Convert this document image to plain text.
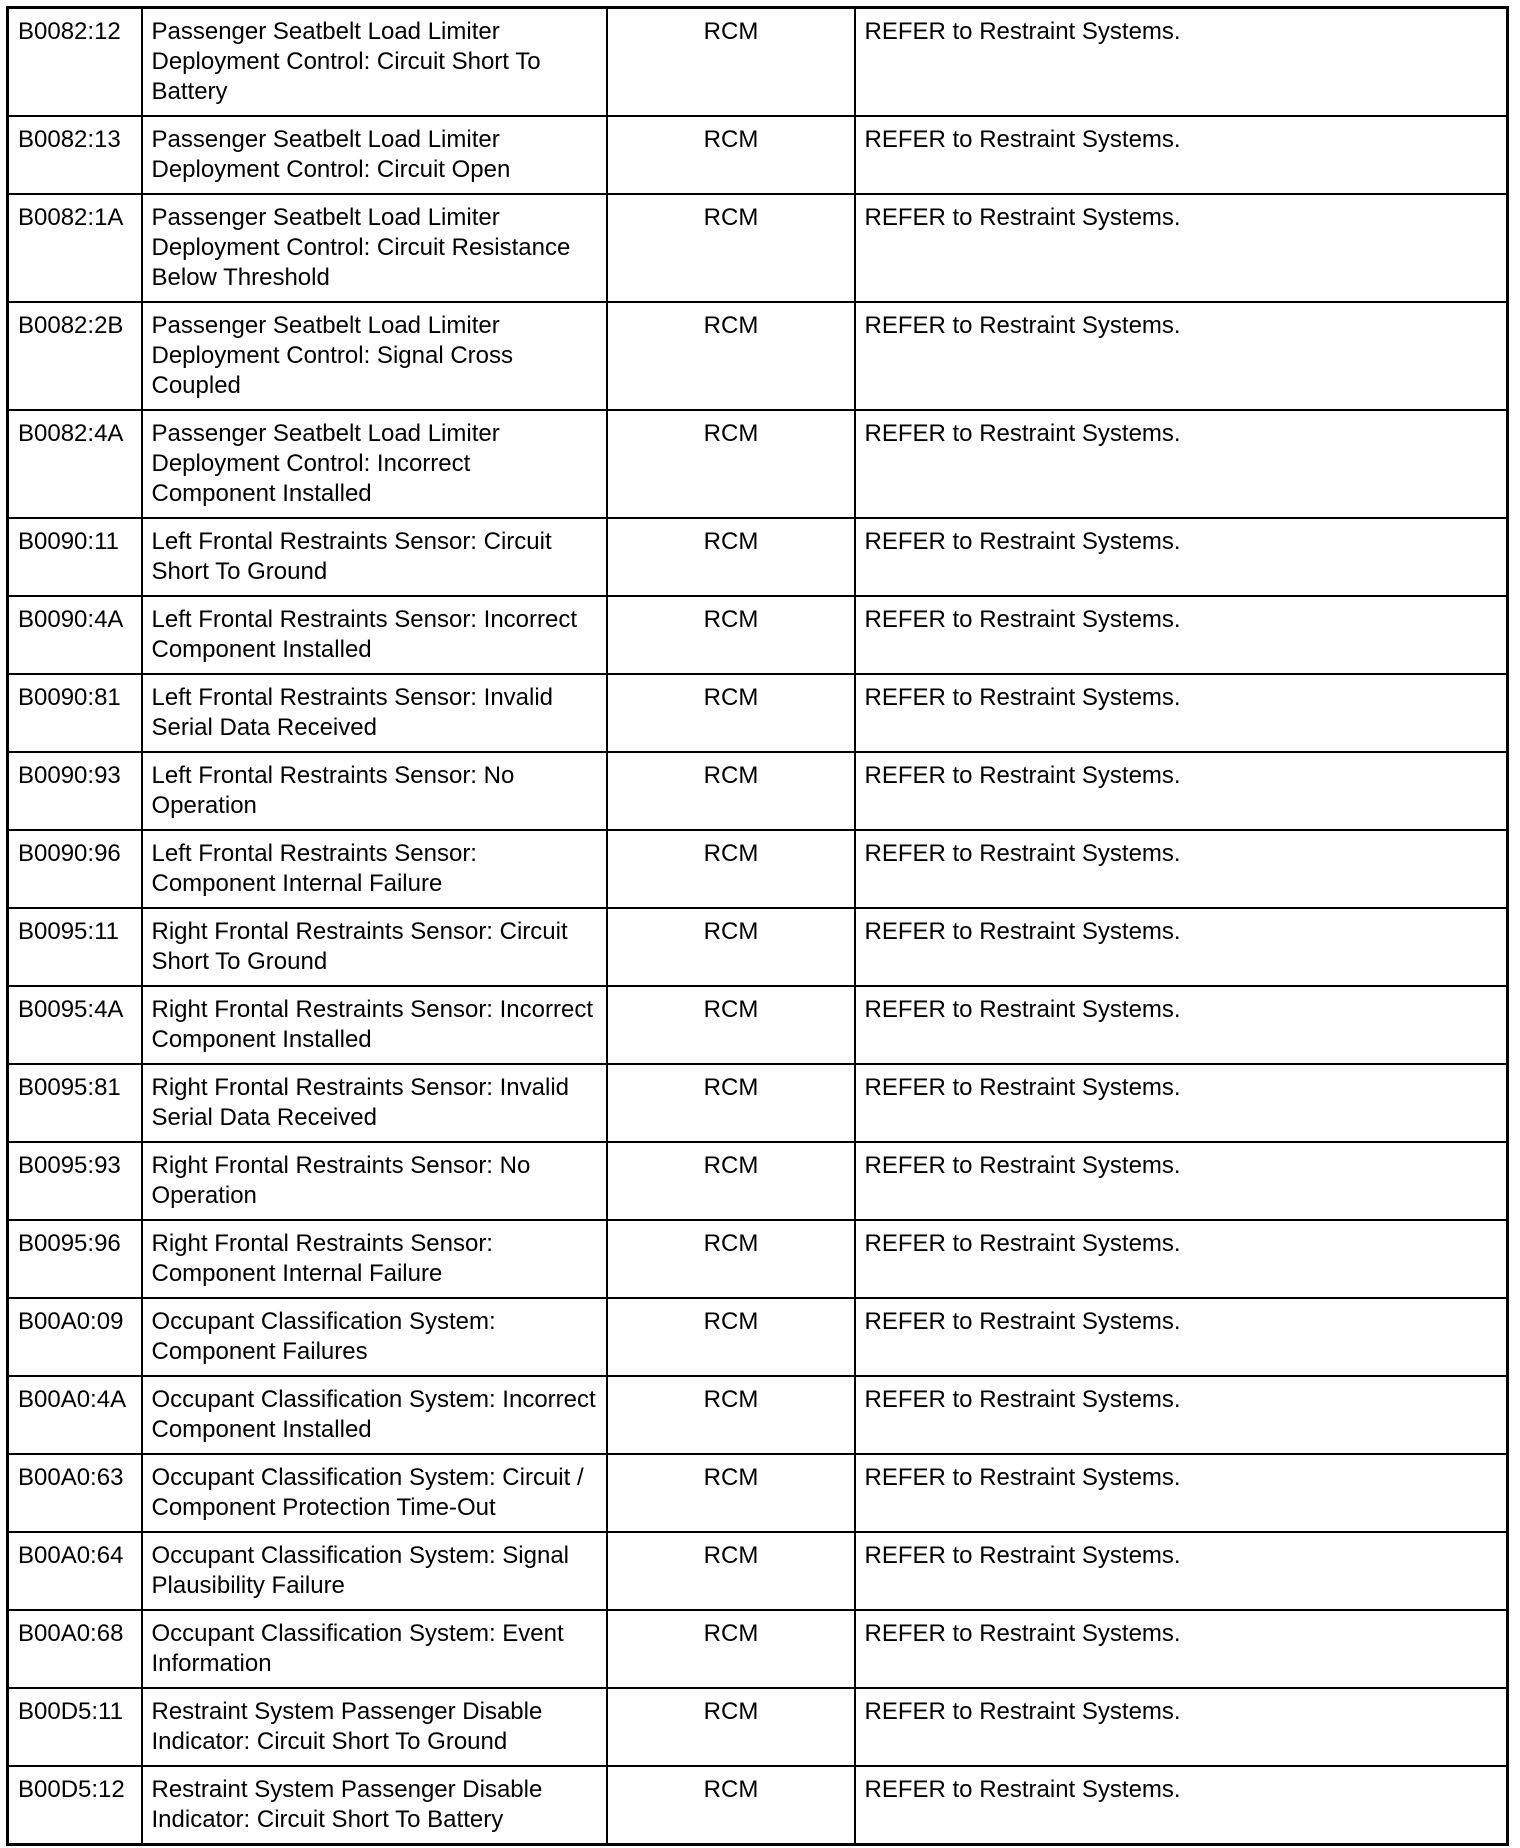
B0082:12	Passenger Seatbelt Load Limiter Deployment Control: Circuit Short To Battery	RCM	REFER to Restraint Systems.
B0082:13	Passenger Seatbelt Load Limiter Deployment Control: Circuit Open	RCM	REFER to Restraint Systems.
B0082:1A	Passenger Seatbelt Load Limiter Deployment Control: Circuit Resistance Below Threshold	RCM	REFER to Restraint Systems.
B0082:2B	Passenger Seatbelt Load Limiter Deployment Control: Signal Cross Coupled	RCM	REFER to Restraint Systems.
B0082:4A	Passenger Seatbelt Load Limiter Deployment Control: Incorrect Component Installed	RCM	REFER to Restraint Systems.
B0090:11	Left Frontal Restraints Sensor: Circuit Short To Ground	RCM	REFER to Restraint Systems.
B0090:4A	Left Frontal Restraints Sensor: Incorrect Component Installed	RCM	REFER to Restraint Systems.
B0090:81	Left Frontal Restraints Sensor: Invalid Serial Data Received	RCM	REFER to Restraint Systems.
B0090:93	Left Frontal Restraints Sensor: No Operation	RCM	REFER to Restraint Systems.
B0090:96	Left Frontal Restraints Sensor: Component Internal Failure	RCM	REFER to Restraint Systems.
B0095:11	Right Frontal Restraints Sensor: Circuit Short To Ground	RCM	REFER to Restraint Systems.
B0095:4A	Right Frontal Restraints Sensor: Incorrect Component Installed	RCM	REFER to Restraint Systems.
B0095:81	Right Frontal Restraints Sensor: Invalid Serial Data Received	RCM	REFER to Restraint Systems.
B0095:93	Right Frontal Restraints Sensor: No Operation	RCM	REFER to Restraint Systems.
B0095:96	Right Frontal Restraints Sensor: Component Internal Failure	RCM	REFER to Restraint Systems.
B00A0:09	Occupant Classification System: Component Failures	RCM	REFER to Restraint Systems.
B00A0:4A	Occupant Classification System: Incorrect Component Installed	RCM	REFER to Restraint Systems.
B00A0:63	Occupant Classification System: Circuit / Component Protection Time-Out	RCM	REFER to Restraint Systems.
B00A0:64	Occupant Classification System: Signal Plausibility Failure	RCM	REFER to Restraint Systems.
B00A0:68	Occupant Classification System: Event Information	RCM	REFER to Restraint Systems.
B00D5:11	Restraint System Passenger Disable Indicator: Circuit Short To Ground	RCM	REFER to Restraint Systems.
B00D5:12	Restraint System Passenger Disable Indicator: Circuit Short To Battery	RCM	REFER to Restraint Systems.
